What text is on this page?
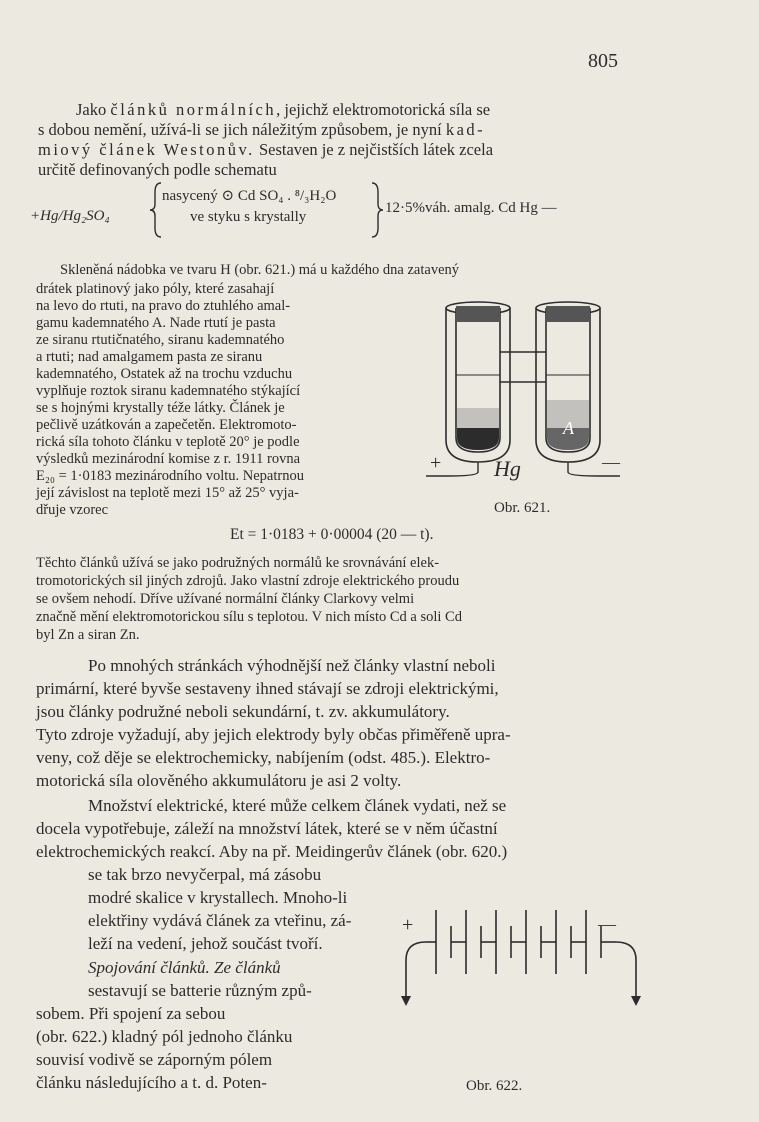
805
Jako článků normálních, jejichž elektromotorická síla se
s dobou nemění, užívá-li se jich náležitým způsobem, je nyní kad-
miový článek Westonův. Sestaven je z nejčistších látek zcela
určitě definovaných podle schematu
+Hg/Hg₂SO₄
nasycený ⊙ Cd SO₄ . ⁸/₃H₂O
ve styku s krystally
12·5%váh. amalg. Cd Hg —
Skleněná nádobka ve tvaru H (obr. 621.) má u každého dna zatavený
drátek platinový jako póly, které zasahají
na levo do rtuti, na pravo do ztuhlého amal-
gamu kademnatého A. Nade rtutí je pasta
ze siranu rtutičnatého, siranu kademnatého
a rtuti; nad amalgamem pasta ze siranu
kademnatého, Ostatek až na trochu vzduchu
vyplňuje roztok siranu kademnatého stýkající
se s hojnými krystally téže látky. Článek je
pečlivě uzátkován a zapečetěn. Elektromoto-
rická síla tohoto článku v teplotě 20° je podle
výsledků mezinárodní komise z r. 1911 rovna
E₂₀ = 1·0183 mezinárodního voltu. Nepatrnou
její závislost na teplotě mezi 15° až 25° vyja-
dřuje vzorec
+	—
Hg
A
Obr. 621.
Et = 1·0183 + 0·00004 (20 — t).
Těchto článků užívá se jako podružných normálů ke srovnávání elek-
tromotorických sil jiných zdrojů. Jako vlastní zdroje elektrického proudu
se ovšem nehodí. Dříve užívané normální články Clarkovy velmi
značně mění elektromotorickou sílu s teplotou. V nich místo Cd a soli Cd
byl Zn a siran Zn.
Po mnohých stránkách výhodnější než články vlastní neboli
primární, které byvše sestaveny ihned stávají se zdroji elektrickými,
jsou články podružné neboli sekundární, t. zv. akkumulátory.
Tyto zdroje vyžadují, aby jejich elektrody byly občas přiměřeně upra-
veny, což děje se elektrochemicky, nabíjením (odst. 485.). Elektro-
motorická síla olověného akkumulátoru je asi 2 volty.
Množství elektrické, které může celkem článek vydati, než se
docela vypotřebuje, záleží na množství látek, které se v něm účastní
elektrochemických reakcí. Aby na př. Meidingerův článek (obr. 620.)
se tak brzo nevyčerpal, má zásobu
modré skalice v krystallech. Mnoho-li
elektřiny vydává článek za vteřinu, zá-
leží na vedení, jehož součást tvoří.
Spojování článků. Ze článků
sestavují se batterie různým způ-
sobem. Při spojení za sebou
(obr. 622.) kladný pól jednoho článku
souvisí vodivě se záporným pólem
článku následujícího a t. d. Poten-
+	—
Obr. 622.
